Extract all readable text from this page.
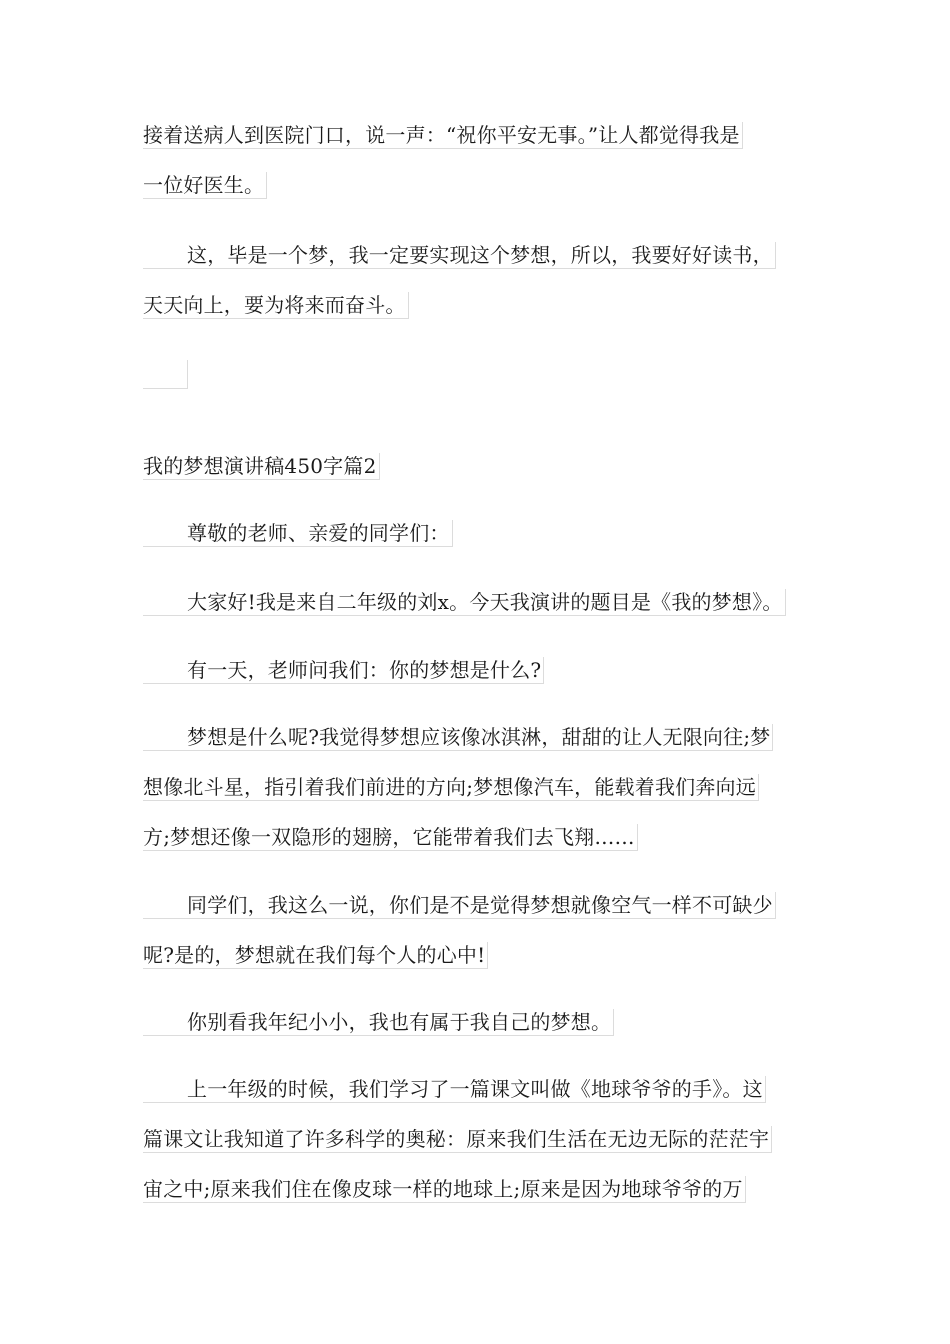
接着送病人到医院门口，说一声：“祝你平安无事。”让人都觉得我是
一位好医生。
这，毕是一个梦，我一定要实现这个梦想，所以，我要好好读书，
天天向上，要为将来而奋斗。
我的梦想演讲稿450字篇2
尊敬的老师、亲爱的同学们：
大家好!我是来自二年级的刘x。今天我演讲的题目是《我的梦想》。
有一天，老师问我们：你的梦想是什么?
梦想是什么呢?我觉得梦想应该像冰淇淋，甜甜的让人无限向往;梦
想像北斗星，指引着我们前进的方向;梦想像汽车，能载着我们奔向远
方;梦想还像一双隐形的翅膀，它能带着我们去飞翔……
同学们，我这么一说，你们是不是觉得梦想就像空气一样不可缺少
呢?是的，梦想就在我们每个人的心中!
你别看我年纪小小，我也有属于我自己的梦想。
上一年级的时候，我们学习了一篇课文叫做《地球爷爷的手》。这
篇课文让我知道了许多科学的奥秘：原来我们生活在无边无际的茫茫宇
宙之中;原来我们住在像皮球一样的地球上;原来是因为地球爷爷的万
